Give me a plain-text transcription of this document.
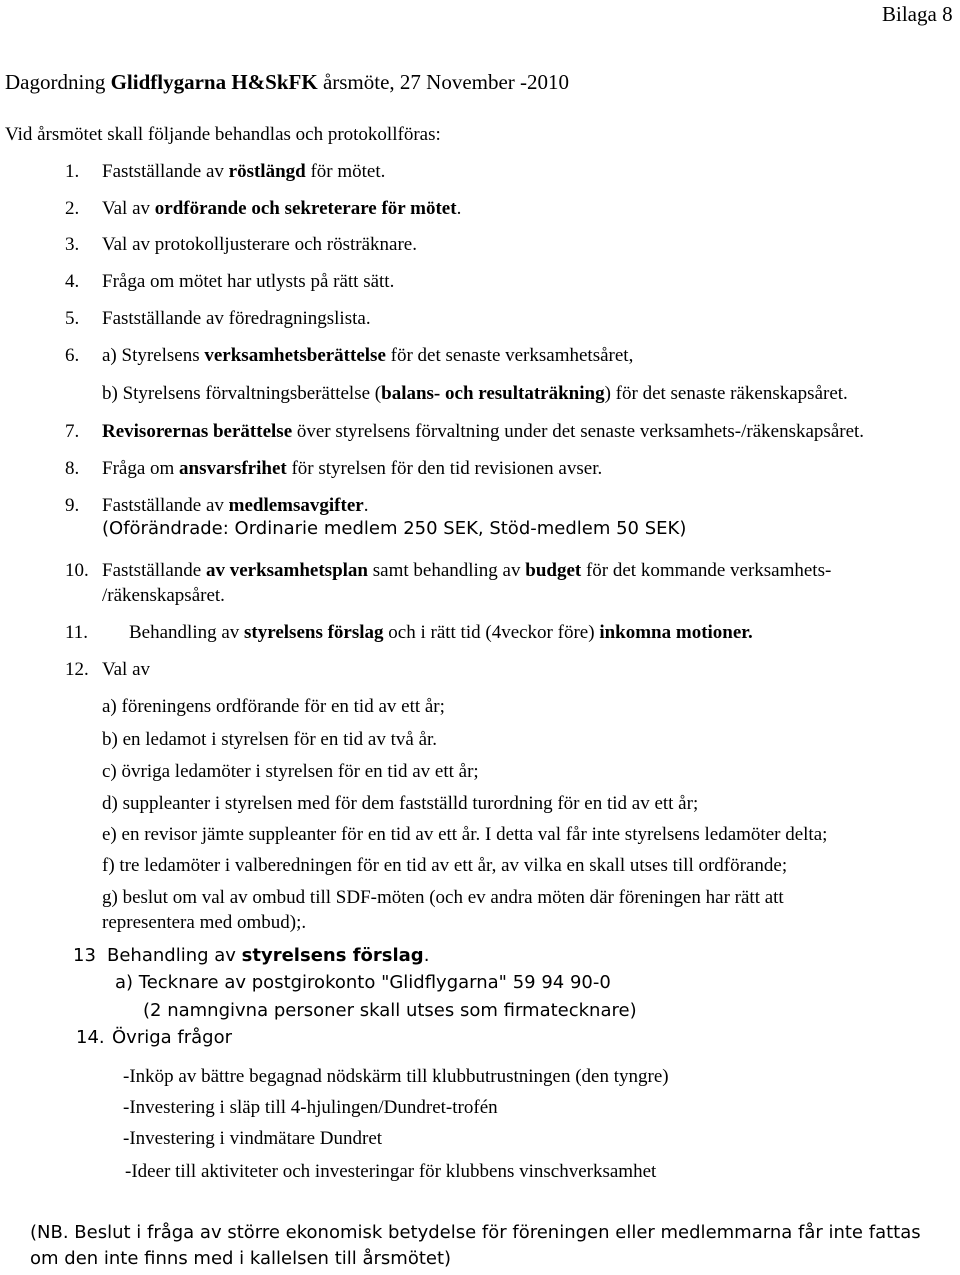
Bilaga 8
Dagordning Glidflygarna H&SkFK årsmöte, 27 November -2010
Vid årsmötet skall följande behandlas och protokollföras:
1. Fastställande av röstlängd för mötet.
2. Val av ordförande och sekreterare för mötet.
3. Val av protokolljusterare och rösträknare.
4. Fråga om mötet har utlysts på rätt sätt.
5. Fastställande av föredragningslista.
6. a) Styrelsens verksamhetsberättelse för det senaste verksamhetsåret,
b) Styrelsens förvaltningsberättelse (balans- och resultaträkning) för det senaste räkenskapsåret.
7. Revisorernas berättelse över styrelsens förvaltning under det senaste verksamhets-/räkenskapsåret.
8. Fråga om ansvarsfrihet för styrelsen för den tid revisionen avser.
9. Fastställande av medlemsavgifter.
(Oförändrade: Ordinarie medlem 250 SEK, Stöd-medlem 50 SEK)
10. Fastställande av verksamhetsplan samt behandling av budget för det kommande verksamhets-
/räkenskapsåret.
11. Behandling av styrelsens förslag och i rätt tid (4veckor före) inkomna motioner.
12. Val av
a) föreningens ordförande för en tid av ett år;
b) en ledamot i styrelsen för en tid av två år.
c) övriga ledamöter i styrelsen för en tid av ett år;
d) suppleanter i styrelsen med för dem fastställd turordning för en tid av ett år;
e) en revisor jämte suppleanter för en tid av ett år. I detta val får inte styrelsens ledamöter delta;
f) tre ledamöter i valberedningen för en tid av ett år, av vilka en skall utses till ordförande;
g) beslut om val av ombud till SDF-möten (och ev andra möten där föreningen har rätt att
representera med ombud);.
13 Behandling av styrelsens förslag.
a) Tecknare av postgirokonto "Glidflygarna" 59 94 90-0
(2 namngivna personer skall utses som firmatecknare)
14. Övriga frågor
-Inköp av bättre begagnad nödskärm till klubbutrustningen (den tyngre)
-Investering i släp till 4-hjulingen/Dundret-trofén
-Investering i vindmätare Dundret
-Ideer till aktiviteter och investeringar för klubbens vinschverksamhet
(NB. Beslut i fråga av större ekonomisk betydelse för föreningen eller medlemmarna får inte fattas
om den inte finns med i kallelsen till årsmötet)
